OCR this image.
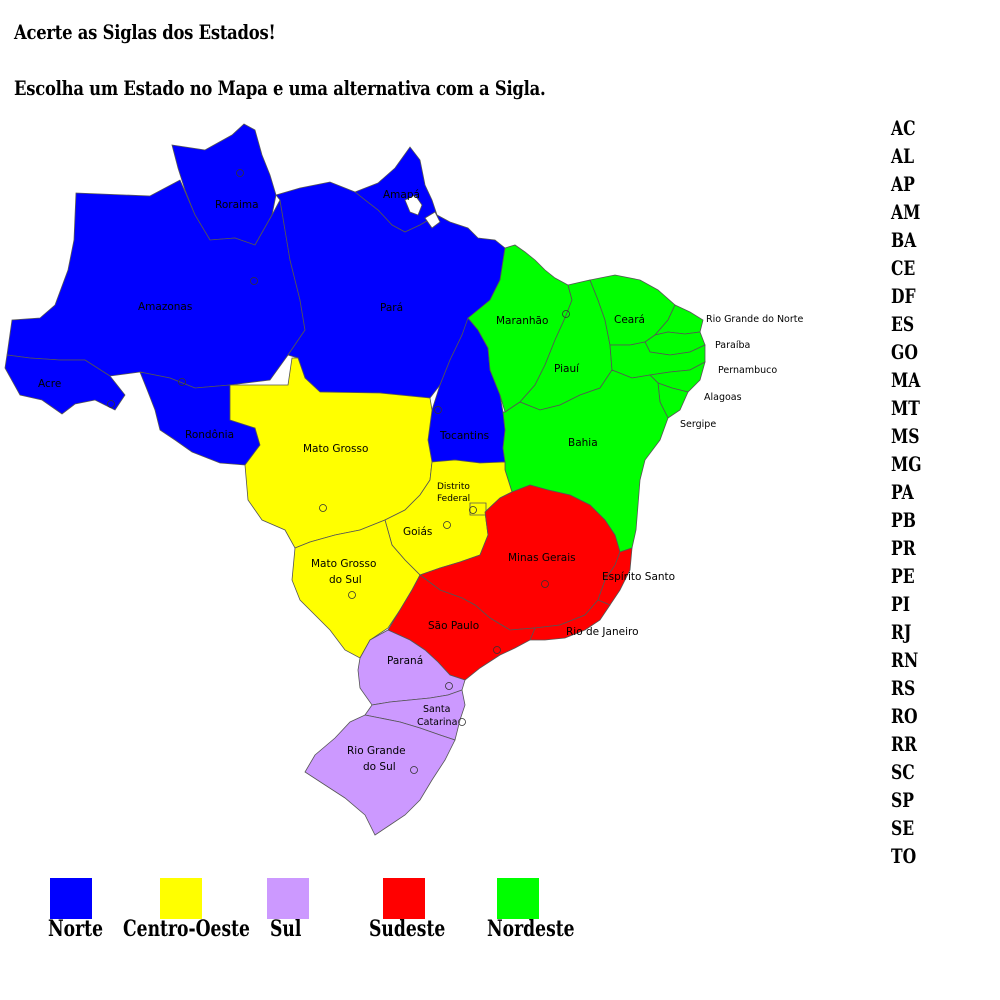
Acerte as Siglas dos Estados!
Escolha um Estado no Mapa e uma alternativa com a Sigla.
Roraima
Amapá
Amazonas	Pará
Acre
Rondônia	Tocantins
Maranhão
Piauí
Ceará	Rio Grande do Norte
Paraíba
Pernambuco
Alagoas
Sergipe
Bahia
Mato Grosso
Distrito
Federal
Goiás
Mato Grosso
do Sul
Minas Gerais
Espírito Santo
São Paulo	Rio de Janeiro
Paraná
Santa
Catarina
Rio Grande
do Sul
AC
AL
AP
AM
BA
CE
DF
ES
GO
MA
MT
MS
MG
PA
PB
PR
PE
PI
RJ
RN
RS
RO
RR
SC
SP
SE
TO
Norte Centro-Oeste Sul	Sudeste Nordeste
